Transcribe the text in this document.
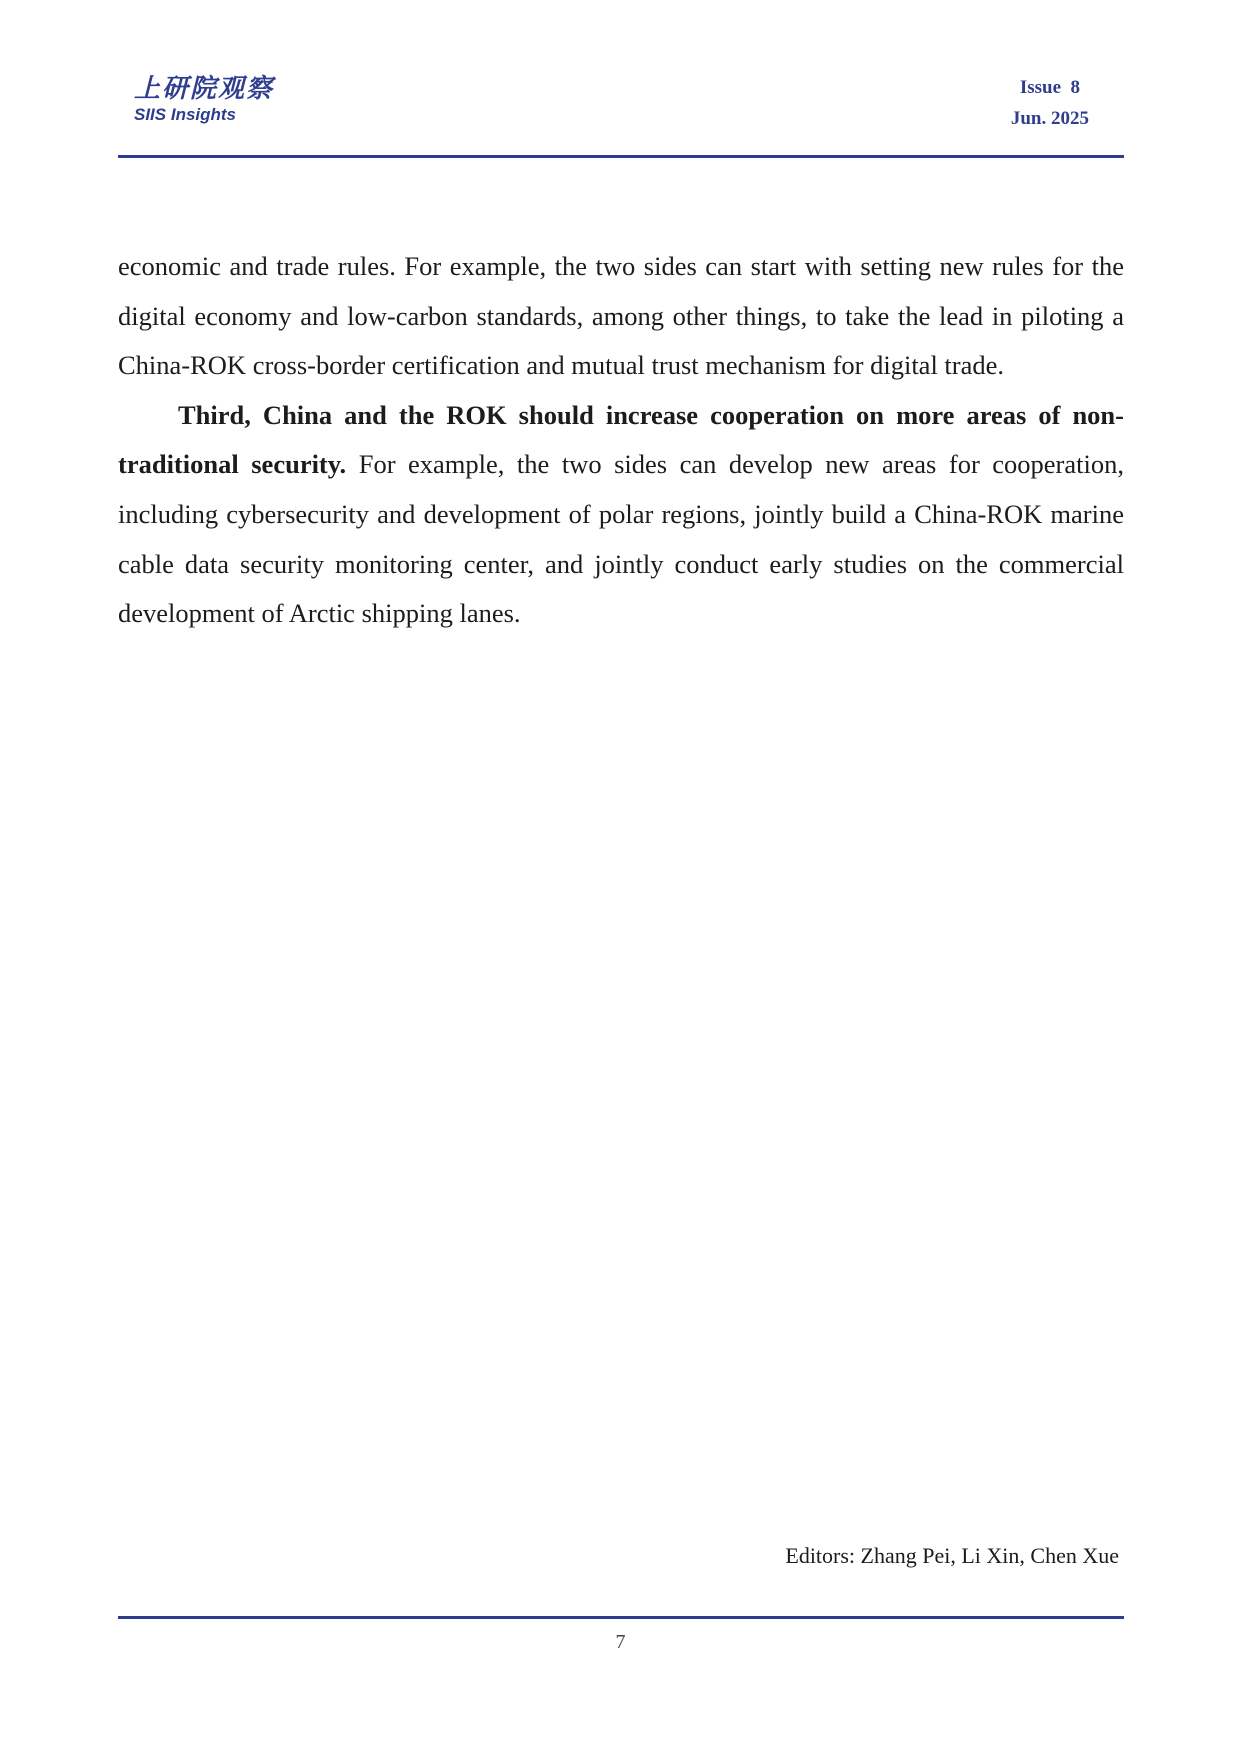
上研院观察
SIIS Insights
Issue  8
Jun. 2025

economic and trade rules. For example, the two sides can start with setting new rules for the digital economy and low-carbon standards, among other things, to take the lead in piloting a China-ROK cross-border certification and mutual trust mechanism for digital trade.

Third, China and the ROK should increase cooperation on more areas of non-traditional security. For example, the two sides can develop new areas for cooperation, including cybersecurity and development of polar regions, jointly build a China-ROK marine cable data security monitoring center, and jointly conduct early studies on the commercial development of Arctic shipping lanes.

Editors: Zhang Pei, Li Xin, Chen Xue
7
